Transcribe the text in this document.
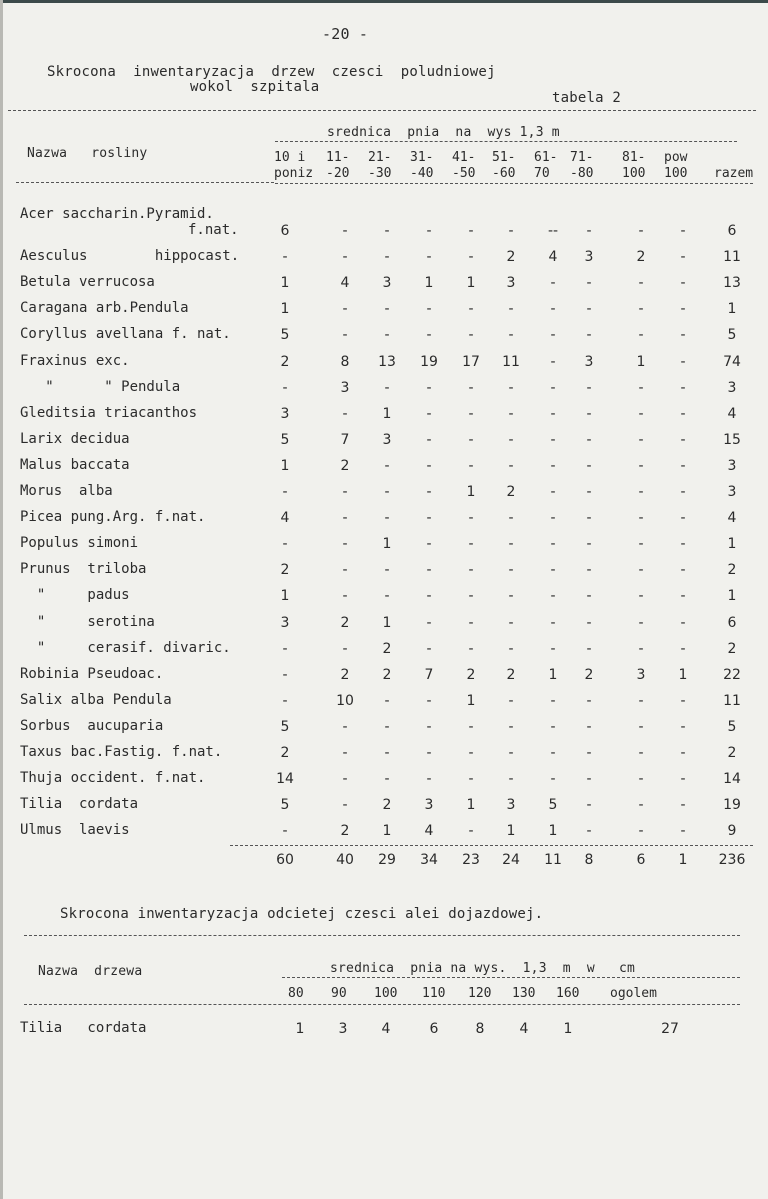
-20 -
Skrocona  inwentaryzacja  drzew  czesci  poludniowej
wokol  szpitala
tabela 2
Nazwa   rosliny
srednica  pnia  na  wys 1,3 m
10 i 11- 21- 31- 41- 51- 61- 71- 81- pow
poniz -20 -30 -40 -50 -60 70 -80 100 100 razem
Acer saccharin.Pyramid.
f.nat.	6	-	-	-	-	-	--	-	-	-	6
Aesculus        hippocast.	-	-	-	-	-	2	4	3	2	-	11
Betula verrucosa	1	4	3	1	1	3	-	-	-	-	13
Caragana arb.Pendula	1	-	-	-	-	-	-	-	-	-	1
Coryllus avellana f. nat.	5	-	-	-	-	-	-	-	-	-	5
Fraxinus exc.	2	8	13	19	17	11	-	3	1	-	74
"      " Pendula	-	3	-	-	-	-	-	-	-	-	3
Gleditsia triacanthos	3	-	1	-	-	-	-	-	-	-	4
Larix decidua	5	7	3	-	-	-	-	-	-	-	15
Malus baccata	1	2	-	-	-	-	-	-	-	-	3
Morus  alba	-	-	-	-	1	2	-	-	-	-	3
Picea pung.Arg. f.nat.	4	-	-	-	-	-	-	-	-	-	4
Populus simoni	-	-	1	-	-	-	-	-	-	-	1
Prunus  triloba	2	-	-	-	-	-	-	-	-	-	2
"     padus	1	-	-	-	-	-	-	-	-	-	1
"     serotina	3	2	1	-	-	-	-	-	-	-	6
"     cerasif. divaric.	-	-	2	-	-	-	-	-	-	-	2
Robinia Pseudoac.	-	2	2	7	2	2	1	2	3	1	22
Salix alba Pendula	-	10	-	-	1	-	-	-	-	-	11
Sorbus  aucuparia	5	-	-	-	-	-	-	-	-	-	5
Taxus bac.Fastig. f.nat.	2	-	-	-	-	-	-	-	-	-	2
Thuja occident. f.nat.	14	-	-	-	-	-	-	-	-	-	14
Tilia  cordata	5	-	2	3	1	3	5	-	-	-	19
Ulmus  laevis	-	2	1	4	-	1	1	-	-	-	9
60	40	29	34	23	24	11	8	6	1	236
Skrocona inwentaryzacja odcietej czesci alei dojazdowej.
Nazwa  drzewa	srednica  pnia na wys.  1,3  m  w   cm
80 90 100 110 120 130 160 ogolem
Tilia   cordata	1	3	4	6	8	4	1	27
